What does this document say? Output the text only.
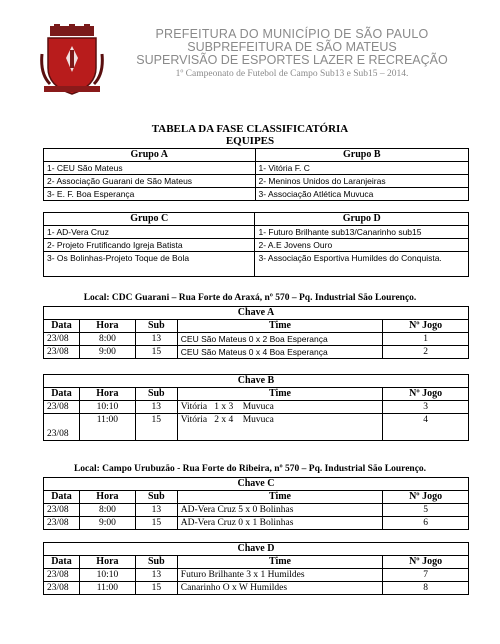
PREFEITURA DO MUNICÍPIO DE SÃO PAULO
SUBPREFEITURA DE SÃO MATEUS
SUPERVISÃO DE ESPORTES LAZER E RECREAÇÃO
1º Campeonato de Futebol de Campo Sub13 e Sub15 – 2014.
TABELA DA FASE CLASSIFICATÓRIA
EQUIPES
Grupo A	Grupo B
1- CEU São Mateus	1- Vitória F. C
2- Associação Guarani de São Mateus	2- Meninos Unidos do Laranjeiras
3- E. F. Boa Esperança	3- Associação Atlética Muvuca
Grupo C	Grupo D
1- AD-Vera Cruz	1- Futuro Brilhante sub13/Canarinho sub15
2- Projeto Frutificando Igreja Batista	2- A.E Jovens Ouro
3- Os Bolinhas-Projeto Toque de Bola	3- Associação Esportiva Humildes do Conquista.
Local: CDC Guarani – Rua Forte do Araxá, nº 570 – Pq. Industrial São Lourenço.
Chave A				
Data	Hora	Sub	Time	Nº Jogo
23/08	8:00	13	CEU São Mateus 0 x 2 Boa Esperança	1
23/08	9:00	15	CEU São Mateus 0 x 4 Boa Esperança	2
Chave B				
Data	Hora	Sub	Time	Nº Jogo
23/08	10:10	13	Vitória   1 x 3    Muvuca	3
23/08	11:00	15	Vitória   2 x 4    Muvuca	4
Local: Campo Urubuzão - Rua Forte do Ribeira, nº 570 – Pq. Industrial São Lourenço.
Chave C				
Data	Hora	Sub	Time	Nº Jogo
23/08	8:00	13	AD-Vera Cruz 5 x 0 Bolinhas	5
23/08	9:00	15	AD-Vera Cruz 0 x 1 Bolinhas	6
Chave D				
Data	Hora	Sub	Time	Nº Jogo
23/08	10:10	13	Futuro Brilhante 3 x 1 Humildes	7
23/08	11:00	15	Canarinho O x W Humildes	8
